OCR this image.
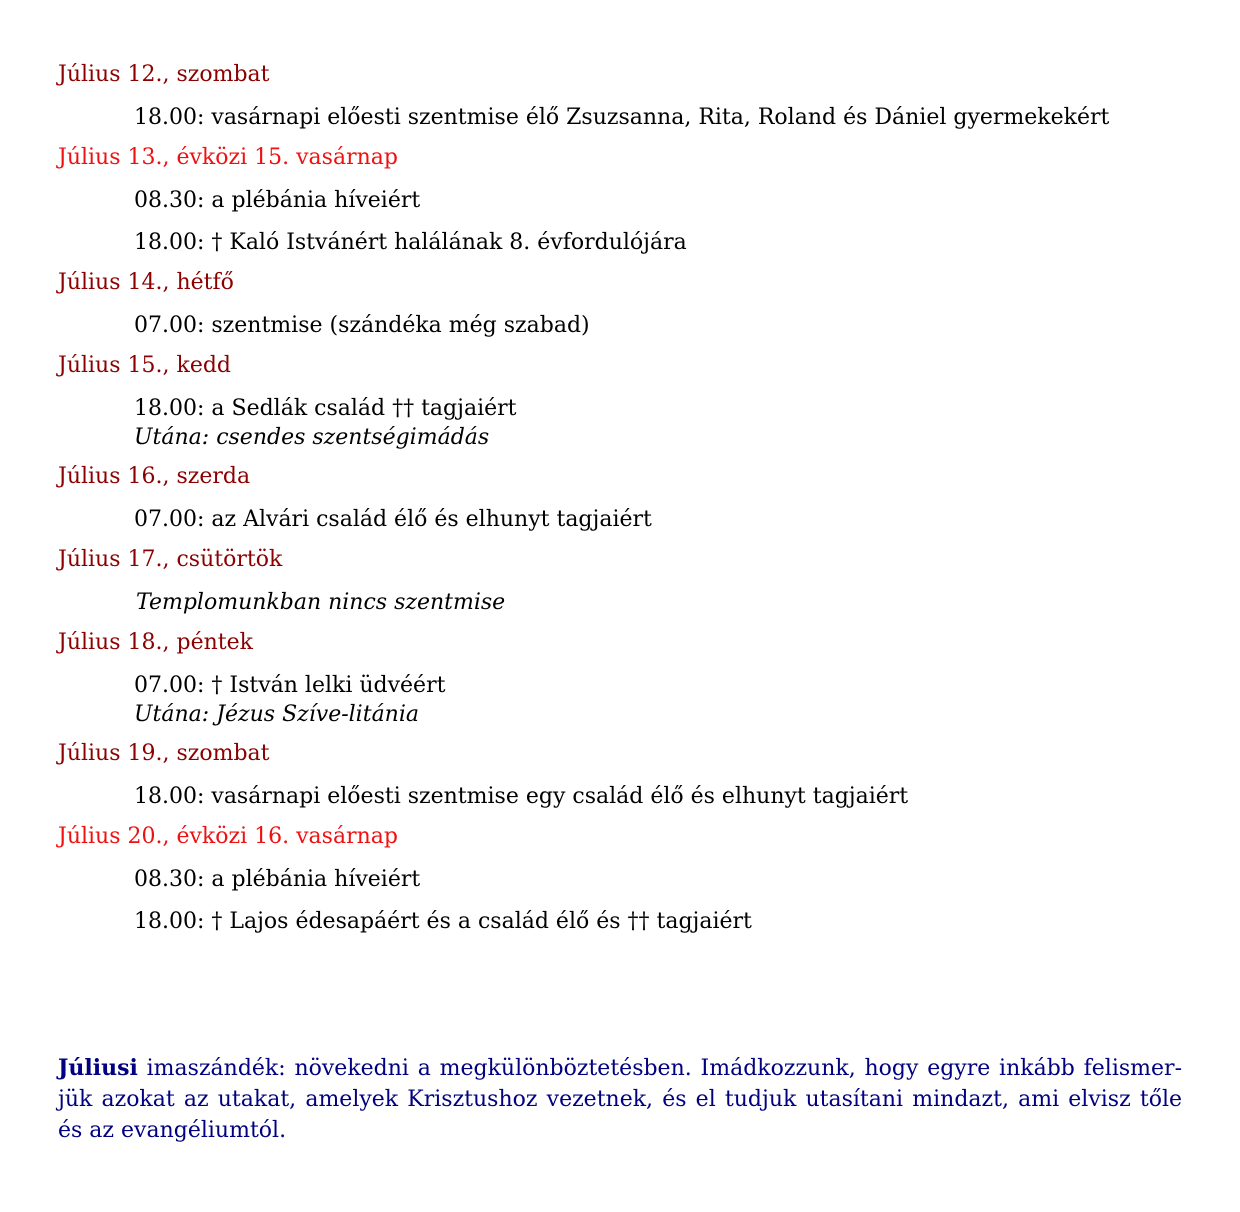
Július 12., szombat
18.00: vasárnapi előesti szentmise élő Zsuzsanna, Rita, Roland és Dániel gyermekekért
Július 13., évközi 15. vasárnap
08.30: a plébánia híveiért
18.00: † Kaló Istvánért halálának 8. évfordulójára
Július 14., hétfő
07.00: szentmise (szándéka még szabad)
Július 15., kedd
18.00: a Sedlák család †† tagjaiért
Utána: csendes szentségimádás
Július 16., szerda
07.00: az Alvári család élő és elhunyt tagjaiért
Július 17., csütörtök
Templomunkban nincs szentmise
Július 18., péntek
07.00: † István lelki üdvéért
Utána: Jézus Szíve-litánia
Július 19., szombat
18.00: vasárnapi előesti szentmise egy család élő és elhunyt tagjaiért
Július 20., évközi 16. vasárnap
08.30: a plébánia híveiért
18.00: † Lajos édesapáért és a család élő és †† tagjaiért
Júliusi imaszándék: növekedni a megkülönböztetésben. Imádkozzunk, hogy egyre inkább felismerjük azokat az utakat, amelyek Krisztushoz vezetnek, és el tudjuk utasítani mindazt, ami elvisz tőle és az evangéliumtól.
